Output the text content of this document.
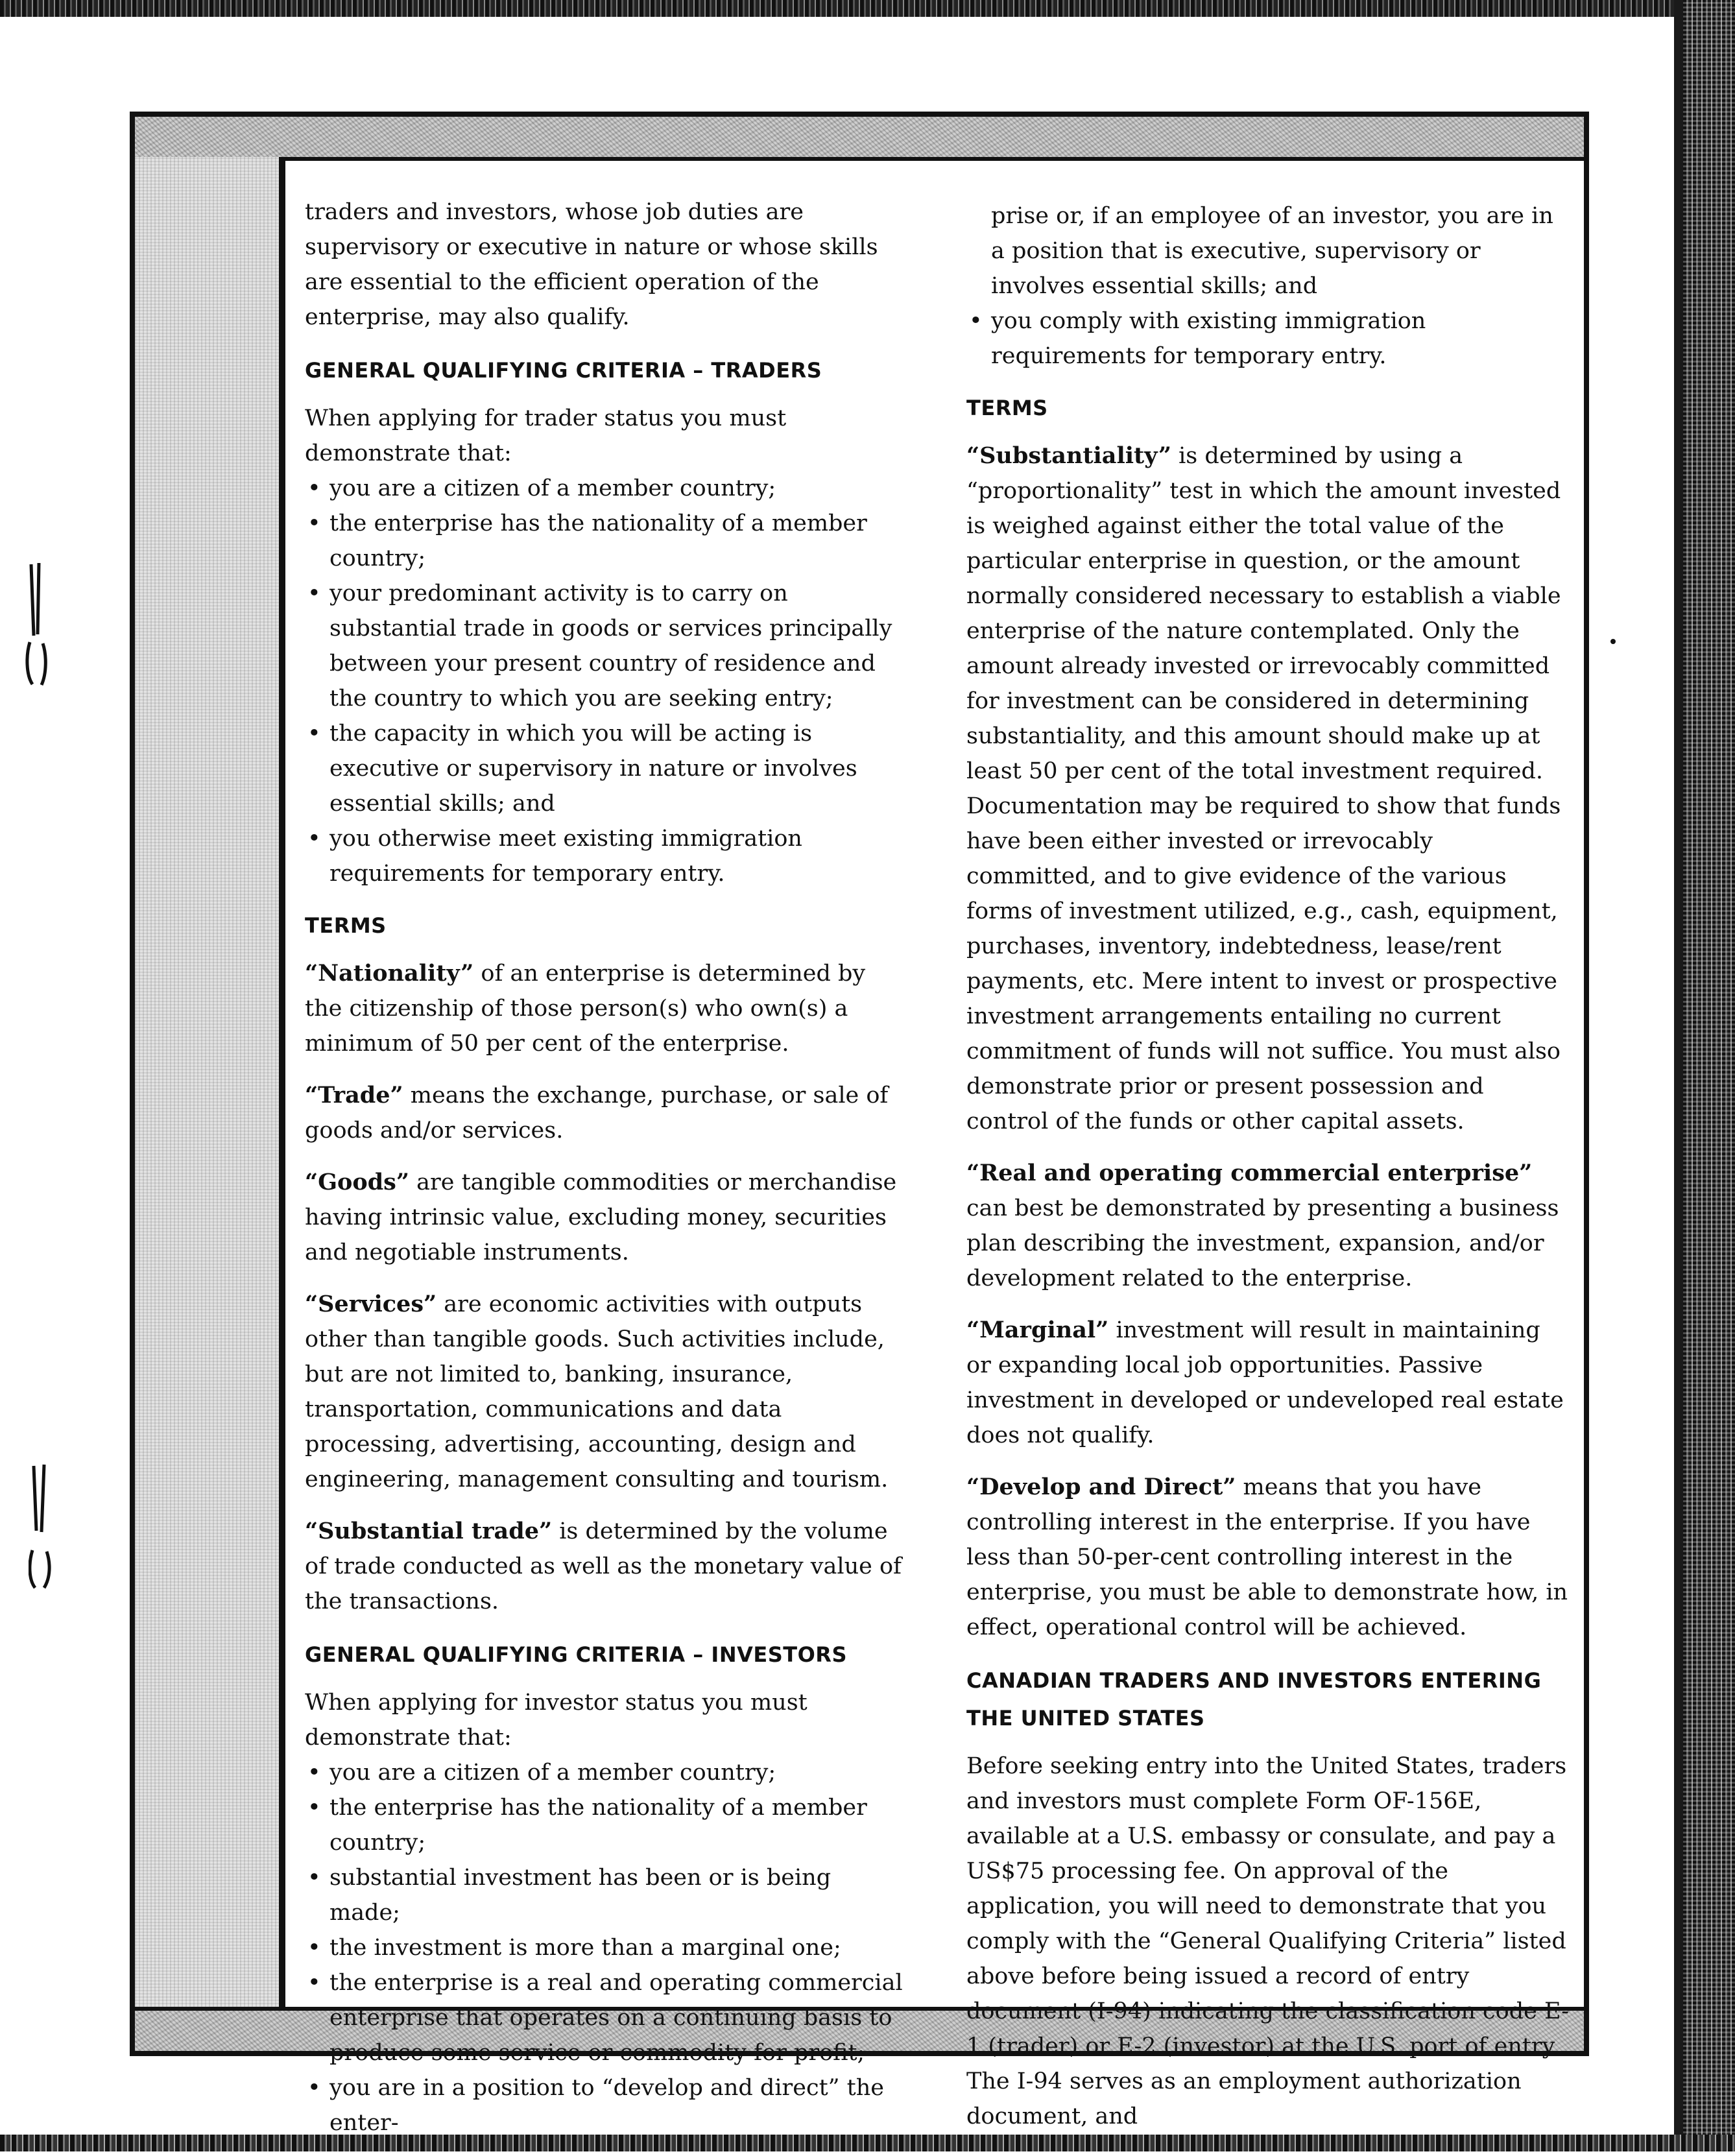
traders and investors, whose job duties are supervisory or executive in nature or whose skills are essential to the efficient operation of the enterprise, may also qualify.

GENERAL QUALIFYING CRITERIA – TRADERS

When applying for trader status you must demonstrate that:

• you are a citizen of a member country;
• the enterprise has the nationality of a member country;
• your predominant activity is to carry on substantial trade in goods or services principally between your present country of residence and the country to which you are seeking entry;
• the capacity in which you will be acting is executive or supervisory in nature or involves essential skills; and
• you otherwise meet existing immigration requirements for temporary entry.
TERMS

“Nationality” of an enterprise is determined by the citizenship of those person(s) who own(s) a minimum of 50 per cent of the enterprise.

“Trade” means the exchange, purchase, or sale of goods and/or services.

“Goods” are tangible commodities or merchandise having intrinsic value, excluding money, securities and negotiable instruments.

“Services” are economic activities with outputs other than tangible goods. Such activities include, but are not limited to, banking, insurance, transportation, communications and data processing, advertising, accounting, design and engineering, management consulting and tourism.

“Substantial trade” is determined by the volume of trade conducted as well as the monetary value of the transactions.

GENERAL QUALIFYING CRITERIA – INVESTORS

When applying for investor status you must demonstrate that:

• you are a citizen of a member country;
• the enterprise has the nationality of a member country;
• substantial investment has been or is being made;
• the investment is more than a marginal one;
• the enterprise is a real and operating commercial enterprise that operates on a continuing basis to produce some service or commodity for profit;
• you are in a position to “develop and direct” the enter-

prise or, if an employee of an investor, you are in a position that is executive, supervisory or involves essential skills; and

• you comply with existing immigration requirements for temporary entry.
TERMS

“Substantiality” is determined by using a “proportionality” test in which the amount invested is weighed against either the total value of the particular enterprise in question, or the amount normally considered necessary to establish a viable enterprise of the nature contemplated. Only the amount already invested or irrevocably committed for investment can be considered in determining substantiality, and this amount should make up at least 50 per cent of the total investment required. Documentation may be required to show that funds have been either invested or irrevocably committed, and to give evidence of the various forms of investment utilized, e.g., cash, equipment, purchases, inventory, indebtedness, lease/rent payments, etc. Mere intent to invest or prospective investment arrangements entailing no current commitment of funds will not suffice. You must also demonstrate prior or present possession and control of the funds or other capital assets.

“Real and operating commercial enterprise” can best be demonstrated by presenting a business plan describing the investment, expansion, and/or development related to the enterprise.

“Marginal” investment will result in maintaining or expanding local job opportunities. Passive investment in developed or undeveloped real estate does not qualify.

“Develop and Direct” means that you have controlling interest in the enterprise. If you have less than 50-per-cent controlling interest in the enterprise, you must be able to demonstrate how, in effect, operational control will be achieved.

CANADIAN TRADERS AND INVESTORS ENTERING
THE UNITED STATES

Before seeking entry into the United States, traders and investors must complete Form OF-156E, available at a U.S. embassy or consulate, and pay a US$75 processing fee. On approval of the application, you will need to demonstrate that you comply with the “General Qualifying Criteria” listed above before being issued a record of entry document (I-94) indicating the classification code E-1 (trader) or E-2 (investor) at the U.S. port of entry. The I-94 serves as an employment authorization document, and
